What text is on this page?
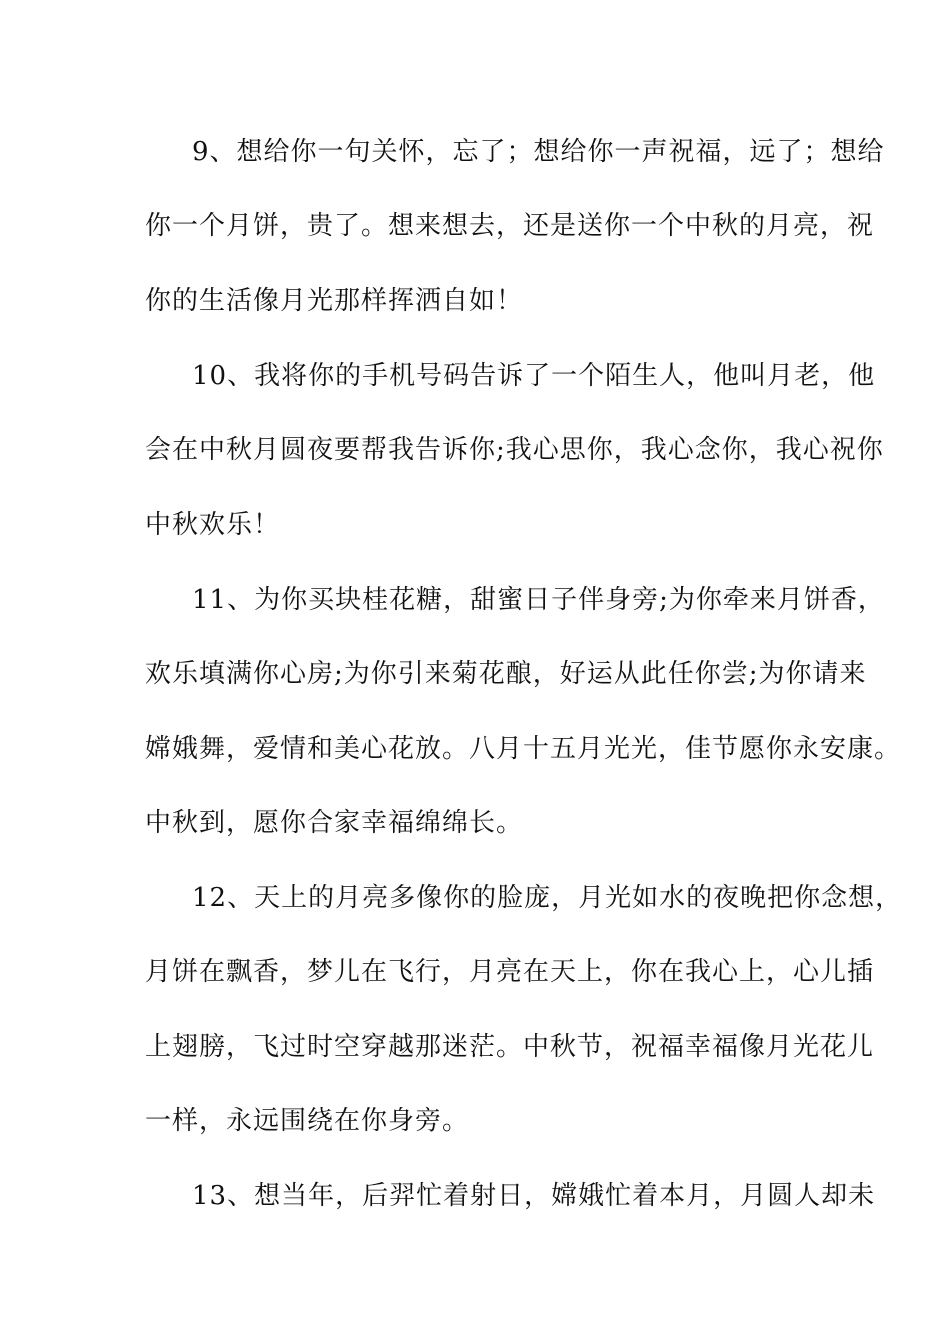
9、想给你一句关怀，忘了；想给你一声祝福，远了；想给
你一个月饼，贵了。想来想去，还是送你一个中秋的月亮，祝
你的生活像月光那样挥洒自如！
10、我将你的手机号码告诉了一个陌生人，他叫月老，他
会在中秋月圆夜要帮我告诉你;我心思你，我心念你，我心祝你
中秋欢乐！
11、为你买块桂花糖，甜蜜日子伴身旁;为你牵来月饼香，
欢乐填满你心房;为你引来菊花酿，好运从此任你尝;为你请来
嫦娥舞，爱情和美心花放。八月十五月光光，佳节愿你永安康。
中秋到，愿你合家幸福绵绵长。
12、天上的月亮多像你的脸庞，月光如水的夜晚把你念想，
月饼在飘香，梦儿在飞行，月亮在天上，你在我心上，心儿插
上翅膀，飞过时空穿越那迷茫。中秋节，祝福幸福像月光花儿
一样，永远围绕在你身旁。
13、想当年，后羿忙着射日，嫦娥忙着本月，月圆人却未
